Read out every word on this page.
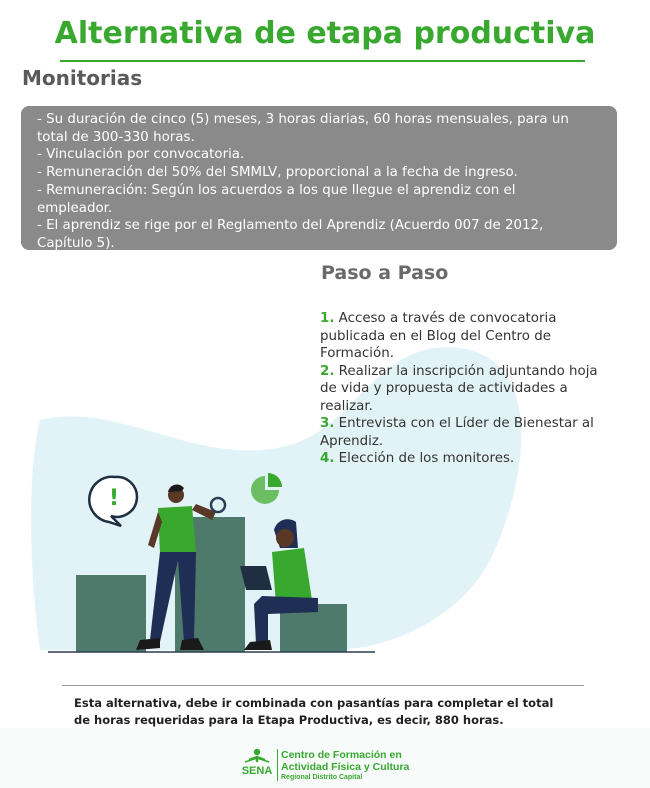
!
Alternativa de etapa productiva
Monitorias
- Su duración de cinco (5) meses, 3 horas diarias, 60 horas mensuales, para un
total de 300-330 horas.
- Vinculación por convocatoria.
- Remuneración del 50% del SMMLV, proporcional a la fecha de ingreso.
- Remuneración: Según los acuerdos a los que llegue el aprendiz con el
empleador.
- El aprendiz se rige por el Reglamento del Aprendiz (Acuerdo 007 de 2012,
Capítulo 5).
Paso a Paso
1. Acceso a través de convocatoria
publicada en el Blog del Centro de
Formación.
2. Realizar la inscripción adjuntando hoja
de vida y propuesta de actividades a
realizar.
3. Entrevista con el Líder de Bienestar al
Aprendiz.
4. Elección de los monitores.
Esta alternativa, debe ir combinada con pasantías para completar el total
de horas requeridas para la Etapa Productiva, es decir, 880 horas.
SENA
Centro de Formación en
Actividad Física y Cultura
Regional Distrito Capital
